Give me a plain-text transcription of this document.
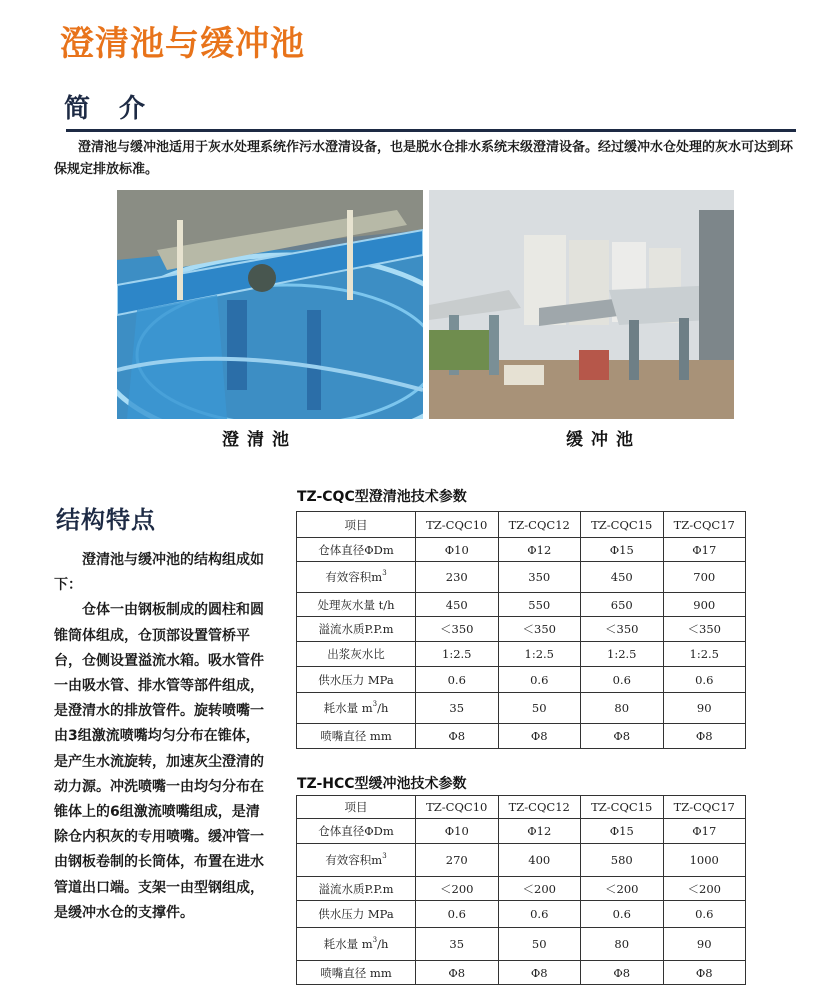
澄清池与缓冲池
简 介
澄清池与缓冲池适用于灰水处理系统作污水澄清设备，也是脱水仓排水系统末级澄清设备。经过缓冲水仓处理的灰水可达到环保规定排放标准。
澄清池	缓冲池
结构特点

澄清池与缓冲池的结构组成如下：

仓体一由钢板制成的圆柱和圆锥筒体组成，仓顶部设置管桥平台，仓侧设置溢流水箱。吸水管件一由吸水管、排水管等部件组成，是澄清水的排放管件。旋转喷嘴一由3组激流喷嘴均匀分布在锥体，是产生水流旋转，加速灰尘澄清的动力源。冲洗喷嘴一由均匀分布在锥体上的6组激流喷嘴组成，是清除仓内积灰的专用喷嘴。缓冲管一由钢板卷制的长筒体，布置在进水管道出口端。支架一由型钢组成，是缓冲水仓的支撑件。

TZ-CQC型澄清池技术参数
项目	TZ-CQC10	TZ-CQC12	TZ-CQC15	TZ-CQC17
仓体直径ΦDm	Φ10	Φ12	Φ15	Φ17
有效容积$m^3$	230	350	450	700
处理灰水量 t/h	450	550	650	900
溢流水质P.P.m	＜350	＜350	＜350	＜350
出浆灰水比	1:2.5	1:2.5	1:2.5	1:2.5
供水压力 MPa	0.6	0.6	0.6	0.6
耗水量 $m^3/h$	35	50	80	90
喷嘴直径 mm	Φ8	Φ8	Φ8	Φ8
TZ-HCC型缓冲池技术参数
项目	TZ-CQC10	TZ-CQC12	TZ-CQC15	TZ-CQC17
仓体直径ΦDm	Φ10	Φ12	Φ15	Φ17
有效容积$m^3$	270	400	580	1000
溢流水质P.P.m	＜200	＜200	＜200	＜200
供水压力 MPa	0.6	0.6	0.6	0.6
耗水量 $m^3/h$	35	50	80	90
喷嘴直径 mm	Φ8	Φ8	Φ8	Φ8
